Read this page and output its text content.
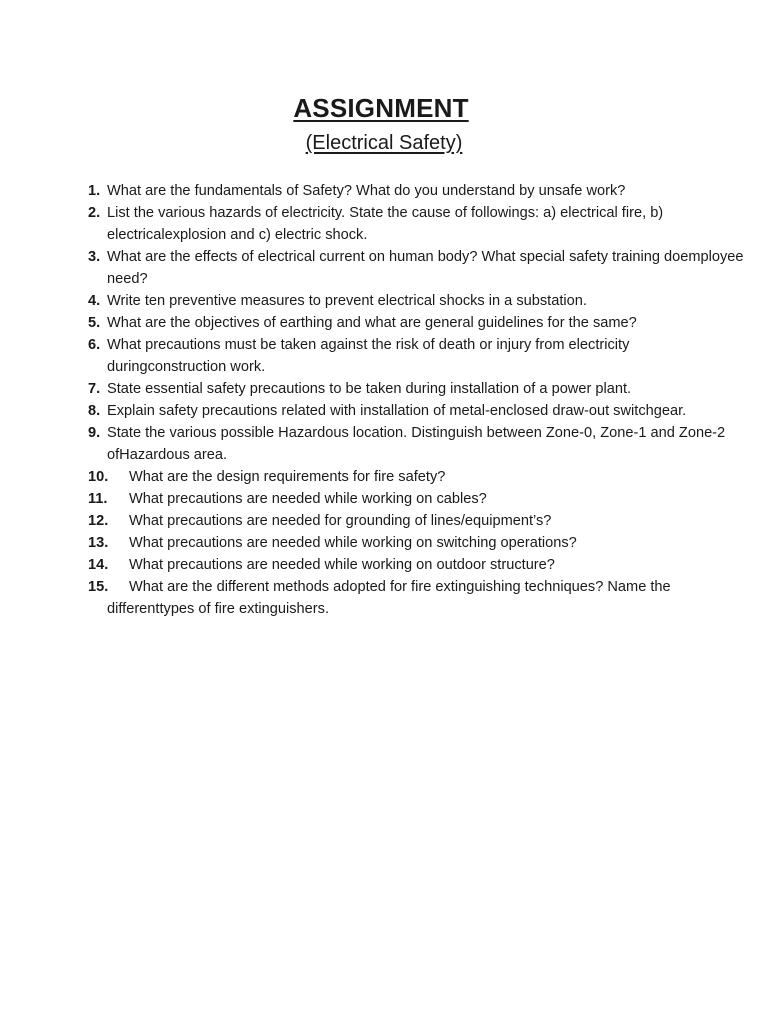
ASSIGNMENT
(Electrical Safety)
1. What are the fundamentals of Safety? What do you understand by unsafe work?
2. List the various hazards of electricity. State the cause of followings: a) electrical fire, b) electricalexplosion and c) electric shock.
3. What are the effects of electrical current on human body? What special safety training doemployee need?
4. Write ten preventive measures to prevent electrical shocks in a substation.
5. What are the objectives of earthing and what are general guidelines for the same?
6. What precautions must be taken against the risk of death or injury from electricity duringconstruction work.
7. State essential safety precautions to be taken during installation of a power plant.
8. Explain safety precautions related with installation of metal-enclosed draw-out switchgear.
9. State the various possible Hazardous location. Distinguish between Zone-0, Zone-1 and Zone-2 ofHazardous area.
10.	What are the design requirements for fire safety?
11.	What precautions are needed while working on cables?
12.	What precautions are needed for grounding of lines/equipment’s?
13.	What precautions are needed while working on switching operations?
14.	What precautions are needed while working on outdoor structure?
15.	What are the different methods adopted for fire extinguishing techniques? Name the differenttypes of fire extinguishers.
